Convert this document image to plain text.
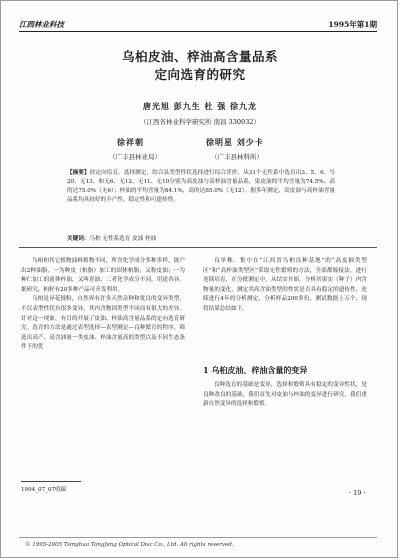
江西林业科技	1995年第1期
乌桕皮油、梓油高含量品系
定向选育的研究
唐光旭 彭九生 杜 强 徐九龙
（江西省林业科学研究所 南昌 330032）
徐祥朝	徐明星 刘少卡
（广丰县林业局）	（广丰县林科所）
【摘要】经定向培育，选择测定，结合县类型性状选择进行综合评价，从31个无性系中选育出3、5、6、号20、无13、和无6、无12、无11、无10分别为高皮油与高梓油含量品系，果皮油的平均含量为74.5%、高的达75.0%（无6）；梓油的平均含量为84.1%，高的达85.0%（无12）。据多年测定，高皮油与高梓油含量品系均具较好的丰产性、稳定性和可遗传性。
关键词：乌桕 无性系选育 皮油 梓油

乌桕和其它植物油料植物不同，所含化学成分多种多样，能产出2种油脂，一为种皮（桕脂）加工的固体桕脂，又称皮油；一为种仁加工的液体梓油，又叫青油；二者化学成分不同，用途各异。据研究，桕籽有20多种产品可开发利用。

乌桕是异花授粉，自然界有许多天然杂种和优良的变异类型，不仅表型性状有很多变异，其内含物因类型不同而有很大的差异。针对这一现象，有目的开展了皮油、梓油高含量品系的定向选育研究。选育的方法是通过表型选择—表型测定—良种繁育的程序，筛选出高产、高含油量一类皮油、梓油含量高的类型以及不同生态条件下的优

良单株。集中在“江西省乌桕良种基地”的“高皮抽类型区”和“高梓油类型区”采取无性繁殖的方法，全部都嫁接法。进行连续培育，在分批测定中，从结实开始，分析其果实（种子）内含物量的变化，测定其高含油类型的性状是否具有稳定的遗传性，连续进行4年的分析测定，分析样品200多份，测试数据上万个，现将结果总结如下。

1 乌桕皮油、梓油含量的变异

良种选育的基础是变异，选择和繁殖具有稳定的变异性状，是良种改良的基础，我们首先对皮油与梓油的变异进行研究。我们重新自然变异的选择和繁殖。

1994_07_07收稿	· 19 ·
© 1995-2005 Tsinghua Tongfang Optical Disc Co., Ltd. All rights reserved.
